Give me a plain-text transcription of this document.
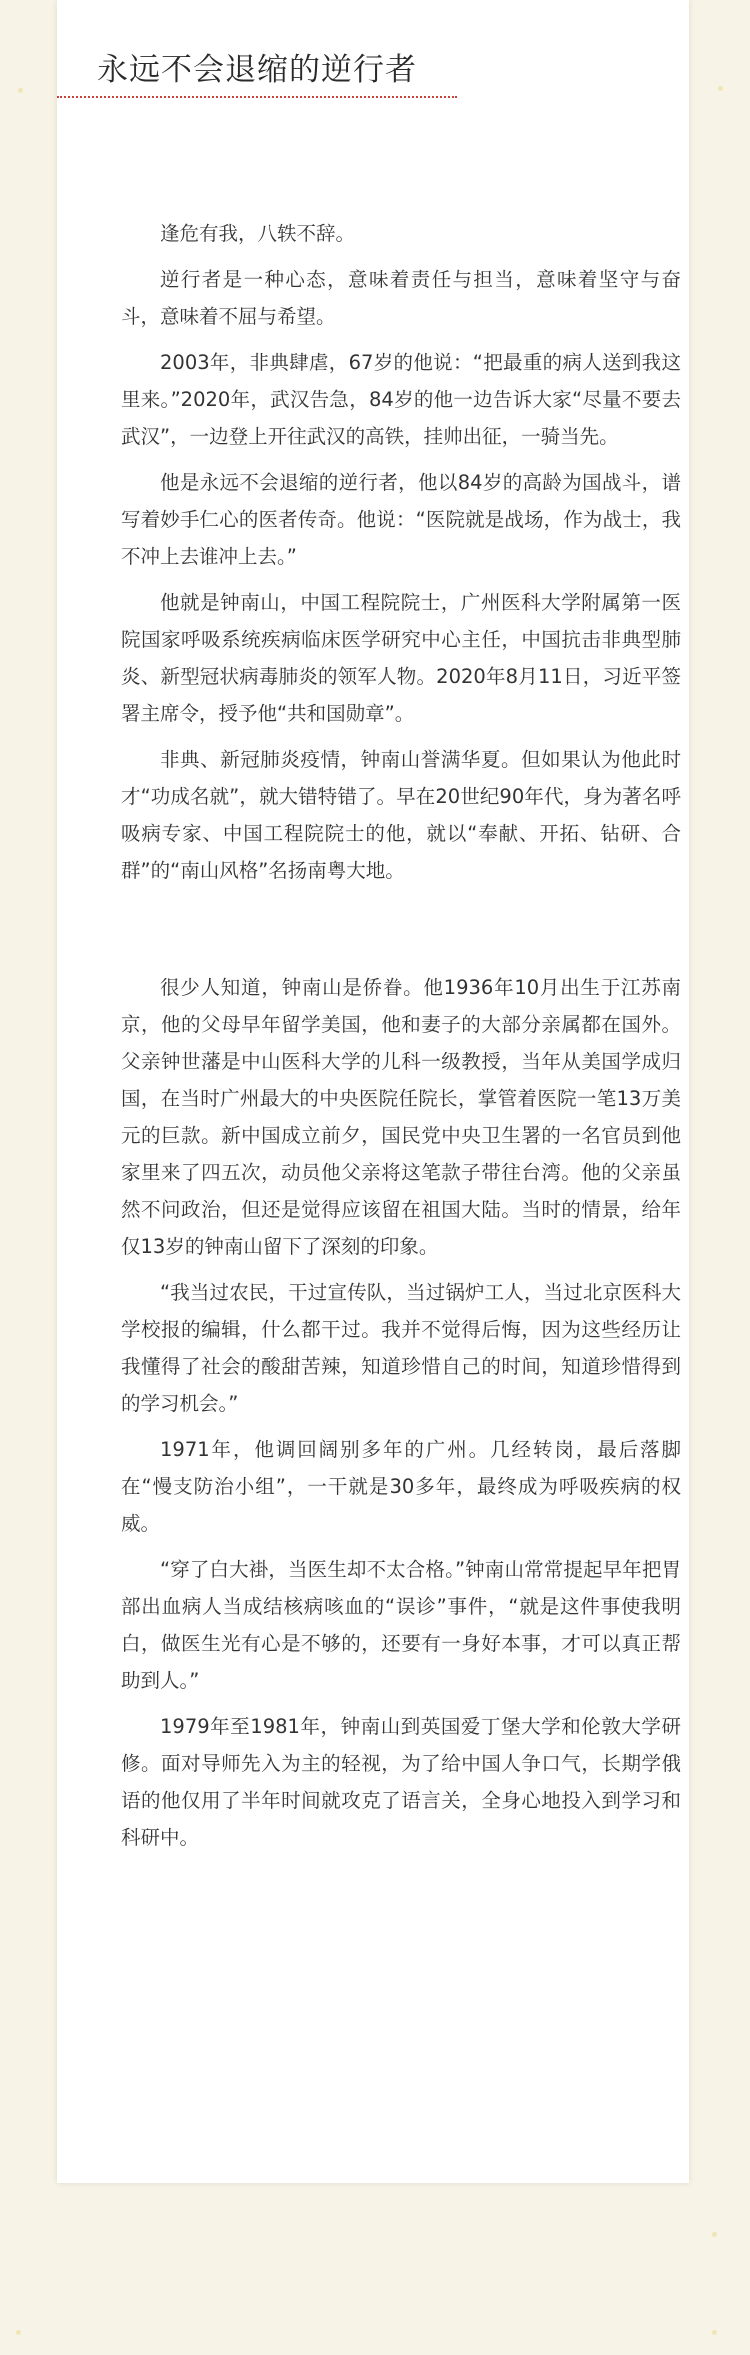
永远不会退缩的逆行者

逢危有我，八轶不辞。

逆行者是一种心态，意味着责任与担当，意味着坚守与奋斗，意味着不屈与希望。

2003年，非典肆虐，67岁的他说：“把最重的病人送到我这里来。”2020年，武汉告急，84岁的他一边告诉大家“尽量不要去武汉”，一边登上开往武汉的高铁，挂帅出征，一骑当先。

他是永远不会退缩的逆行者，他以84岁的高龄为国战斗，谱写着妙手仁心的医者传奇。他说：“医院就是战场，作为战士，我不冲上去谁冲上去。”

他就是钟南山，中国工程院院士，广州医科大学附属第一医院国家呼吸系统疾病临床医学研究中心主任，中国抗击非典型肺炎、新型冠状病毒肺炎的领军人物。2020年8月11日，习近平签署主席令，授予他“共和国勋章”。

非典、新冠肺炎疫情，钟南山誉满华夏。但如果认为他此时才“功成名就”，就大错特错了。早在20世纪90年代，身为著名呼吸病专家、中国工程院院士的他，就以“奉献、开拓、钻研、合群”的“南山风格”名扬南粤大地。

很少人知道，钟南山是侨眷。他1936年10月出生于江苏南京，他的父母早年留学美国，他和妻子的大部分亲属都在国外。父亲钟世藩是中山医科大学的儿科一级教授，当年从美国学成归国，在当时广州最大的中央医院任院长，掌管着医院一笔13万美元的巨款。新中国成立前夕，国民党中央卫生署的一名官员到他家里来了四五次，动员他父亲将这笔款子带往台湾。他的父亲虽然不问政治，但还是觉得应该留在祖国大陆。当时的情景，给年仅13岁的钟南山留下了深刻的印象。

“我当过农民，干过宣传队，当过锅炉工人，当过北京医科大学校报的编辑，什么都干过。我并不觉得后悔，因为这些经历让我懂得了社会的酸甜苦辣，知道珍惜自己的时间，知道珍惜得到的学习机会。”

1971年，他调回阔别多年的广州。几经转岗，最后落脚在“慢支防治小组”，一干就是30多年，最终成为呼吸疾病的权威。

“穿了白大褂，当医生却不太合格。”钟南山常常提起早年把胃部出血病人当成结核病咳血的“误诊”事件，“就是这件事使我明白，做医生光有心是不够的，还要有一身好本事，才可以真正帮助到人。”

1979年至1981年，钟南山到英国爱丁堡大学和伦敦大学研修。面对导师先入为主的轻视，为了给中国人争口气，长期学俄语的他仅用了半年时间就攻克了语言关，全身心地投入到学习和科研中。
